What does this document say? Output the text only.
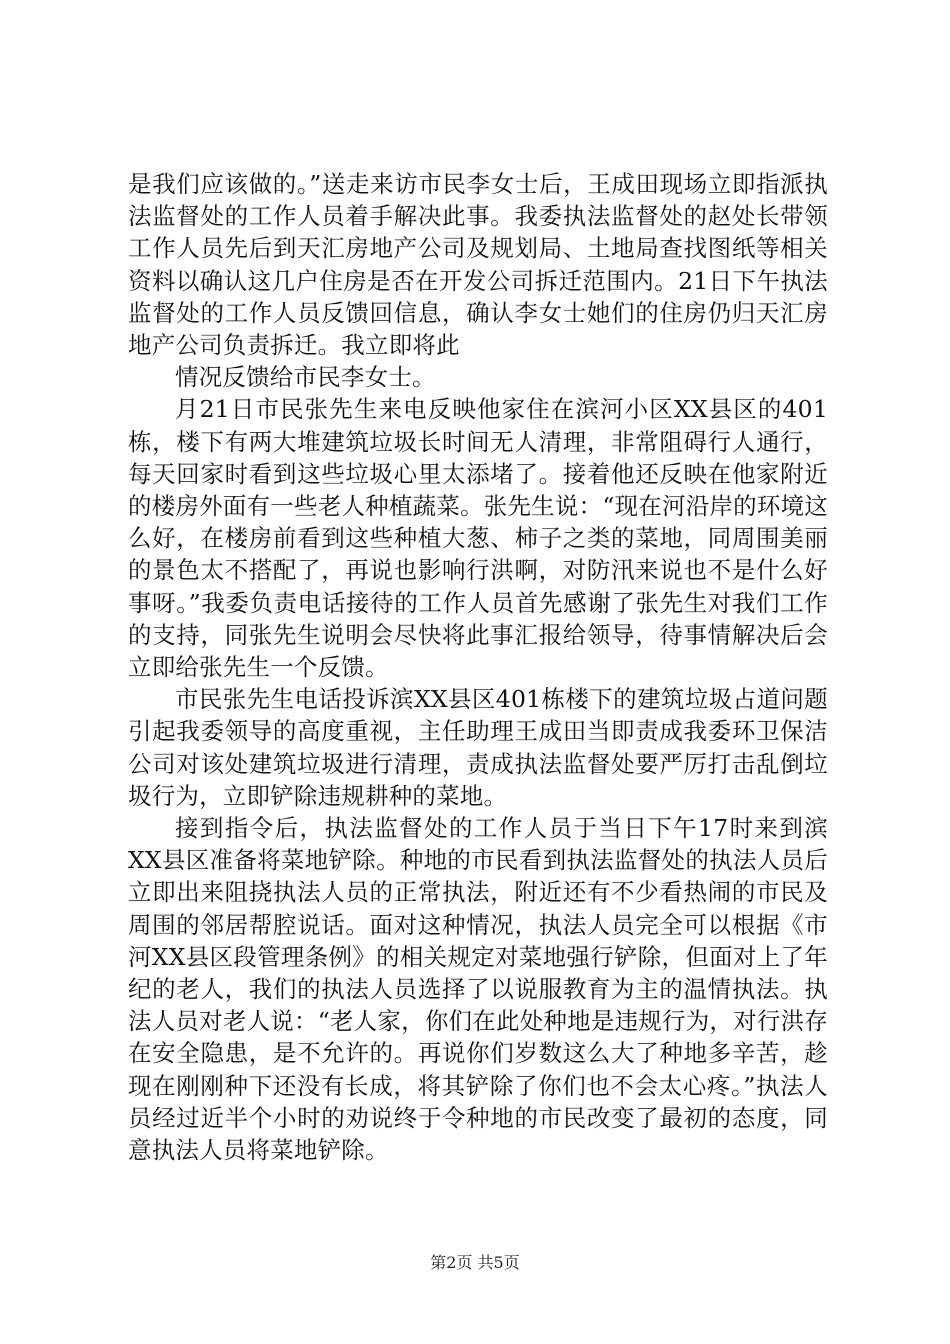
是我们应该做的。”送走来访市民李女士后，王成田现场立即指派执法监督处的工作人员着手解决此事。我委执法监督处的赵处长带领工作人员先后到天汇房地产公司及规划局、土地局查找图纸等相关资料以确认这几户住房是否在开发公司拆迁范围内。21日下午执法监督处的工作人员反馈回信息，确认李女士她们的住房仍归天汇房地产公司负责拆迁。我立即将此

情况反馈给市民李女士。

月21日市民张先生来电反映他家住在滨河小区XX县区的401栋，楼下有两大堆建筑垃圾长时间无人清理，非常阻碍行人通行，每天回家时看到这些垃圾心里太添堵了。接着他还反映在他家附近的楼房外面有一些老人种植蔬菜。张先生说：“现在河沿岸的环境这么好，在楼房前看到这些种植大葱、柿子之类的菜地，同周围美丽的景色太不搭配了，再说也影响行洪啊，对防汛来说也不是什么好事呀。”我委负责电话接待的工作人员首先感谢了张先生对我们工作的支持，同张先生说明会尽快将此事汇报给领导，待事情解决后会立即给张先生一个反馈。

市民张先生电话投诉滨XX县区401栋楼下的建筑垃圾占道问题引起我委领导的高度重视，主任助理王成田当即责成我委环卫保洁公司对该处建筑垃圾进行清理，责成执法监督处要严厉打击乱倒垃圾行为，立即铲除违规耕种的菜地。

接到指令后，执法监督处的工作人员于当日下午17时来到滨XX县区准备将菜地铲除。种地的市民看到执法监督处的执法人员后立即出来阻挠执法人员的正常执法，附近还有不少看热闹的市民及周围的邻居帮腔说话。面对这种情况，执法人员完全可以根据《市河XX县区段管理条例》的相关规定对菜地强行铲除，但面对上了年纪的老人，我们的执法人员选择了以说服教育为主的温情执法。执法人员对老人说：“老人家，你们在此处种地是违规行为，对行洪存在安全隐患，是不允许的。再说你们岁数这么大了种地多辛苦，趁现在刚刚种下还没有长成，将其铲除了你们也不会太心疼。”执法人员经过近半个小时的劝说终于令种地的市民改变了最初的态度，同意执法人员将菜地铲除。

第2页 共5页
